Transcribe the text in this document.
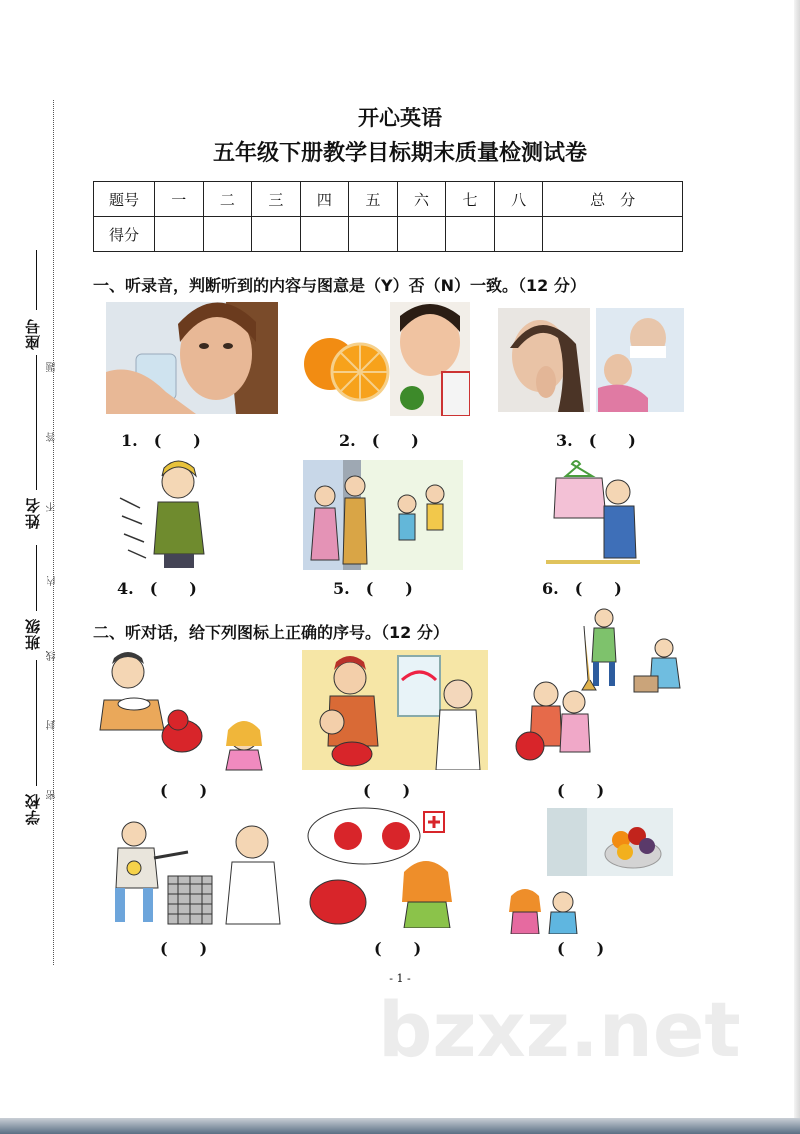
座号
姓名
班级
学校
题
答
不
内
线
封
密
开心英语
五年级下册教学目标期末质量检测试卷
题号	一	二	三	四	五	六	七	八	总　分
得分									
一、听录音，判断听到的内容与图意是（Y）否（N）一致。（12 分）
1.　(　　)	2.　(　　)	3.　(　　)
4.　(　　)	5.　(　　)	6.　(　　)
二、听对话，给下列图标上正确的序号。（12 分）
(　　)	(　　)	(　　)
(　　)	(　　)	(　　)
- 1 -
bzxz.net
